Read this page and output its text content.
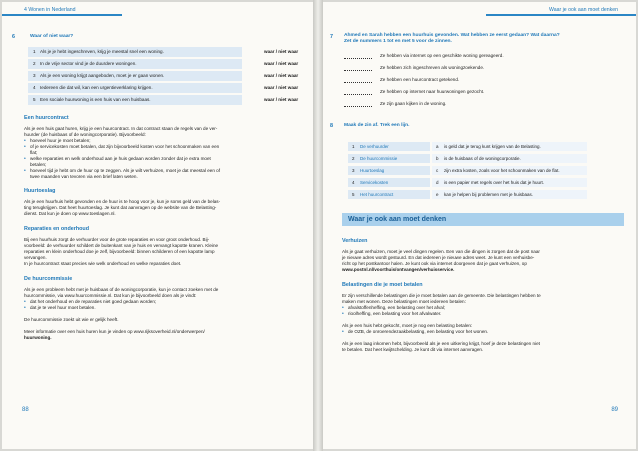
4 Wonen in Nederland
6	Waar of niet waar?
1 Als je je hebt ingeschreven, krijg je meestal snel een woning.	waar / niet waar
2 In de vrije sector vind je de duurdere woningen.	waar / niet waar
3 Als je een woning krijgt aangeboden, moet je er gaan wonen.	waar / niet waar
4 Iedereen die dat wil, kan een urgentieverklaring krijgen.	waar / niet waar
5 Een sociale huurwoning is een huis van een huisbaas.	waar / niet waar
Een huurcontract
Als je een huis gaat huren, krijg je een huurcontract. In dat contract staan de regels van de ver-
huurder (de huisbaas of de woningcorporatie). Bijvoorbeeld:
• hoeveel huur je moet betalen;
• of je servicekosten moet betalen, dat zijn bijvoorbeeld kosten voor het schoonmaken van een
flat;
• welke reparaties en welk onderhoud aan je huis gedaan worden zonder dat je extra moet
betalen;
• hoeveel tijd je hebt om de huur op te zeggen. Als je wilt verhuizen, moet je dat meestal een of
twee maanden van tevoren via een brief laten weten.
Huurtoeslag
Als je een huurhuis hebt gevonden en de huur is te hoog voor je, kun je soms geld van de belas-
ting terugkrijgen. Dat heet huurtoeslag. Je kunt dat aanvragen op de website van de Belasting-
dienst. Dat kun je doen op www.toeslagen.nl.
Reparaties en onderhoud
Bij een huurhuis zorgt de verhuurder voor de grote reparaties en voor groot onderhoud. Bij-
voorbeeld: de verhuurder schildert de buitenkant van je huis en vervangt kapotte kranen. Kleine
reparaties en klein onderhoud doe je zelf, bijvoorbeeld: binnen schilderen of een kapotte lamp
vervangen.
In je huurcontract staat precies wie welk onderhoud en welke reparaties doet.
De huurcommissie
Als je een probleem hebt met je huisbaas of de woningcorporatie, kun je contact zoeken met de
huurcommissie, via www.huurcommissie.nl. Dat kun je bijvoorbeeld doen als je vindt:
• dat het onderhoud en de reparaties niet goed gedaan worden;
• dat je te veel huur moet betalen.
De huurcommissie zoekt uit wie er gelijk heeft.
Meer informatie over een huis huren kun je vinden op www.rijksoverheid.nl/onderwerpen/
huurwoning.
88
Waar je ook aan moet denken
7 Ahmed en Sarah hebben een huurhuis gevonden. Wat hebben ze eerst gedaan? Wat daarna?
Zet de nummers 1 tot en met 5 voor de zinnen.
Ze hebben via internet op een geschikte woning gereageerd.
Ze hebben zich ingeschreven als woningzoekende.
Ze hebben een huurcontract getekend.
Ze hebben op internet naar huurwoningen gezocht.
Ze zijn gaan kijken in de woning.
8 Maak de zin af. Trek een lijn.
1 De verhuurder	a is geld dat je terug kunt krijgen van de Belasting.
2 De huurcommissie	b is de huisbaas of de woningcorporatie.
3 Huurtoeslag	c zijn extra kosten, zoals voor het schoonmaken van de flat.
4 Servicekosten	d is een papier met regels over het huis dat je huurt.
5 Het huurcontract	e kan je helpen bij problemen met je huisbaas.
Waar je ook aan moet denken
Verhuizen
Als je gaat verhuizen, moet je veel dingen regelen. Een van die dingen is zorgen dat de post naar
je nieuwe adres wordt gestuurd. En dat iedereen je nieuwe adres weet. Je kunt een verhuisbe-
richt op het postkantoor halen. Je kunt ook via internet doorgeven dat je gaat verhuizen, op
www.postnl.nl/voorthuis/ontvangen/verhuisservice.
Belastingen die je moet betalen
Er zijn verschillende belastingen die je moet betalen aan de gemeente. Die belastingen hebben te
maken met wonen. Deze belastingen moet iedereen betalen:
• afvalstoffenheffing, een belasting over het afval;
• rioolheffing, een belasting voor het afvalwater.
Als je een huis hebt gekocht, moet je nog een belasting betalen:
• de OZB, de onroerendezaakbelasting, een belasting voor het wonen.
Als je een laag inkomen hebt, bijvoorbeeld als je een uitkering krijgt, hoef je deze belastingen niet
te betalen. Dat heet kwijtschelding. Je kunt dit via internet aanvragen.
89
